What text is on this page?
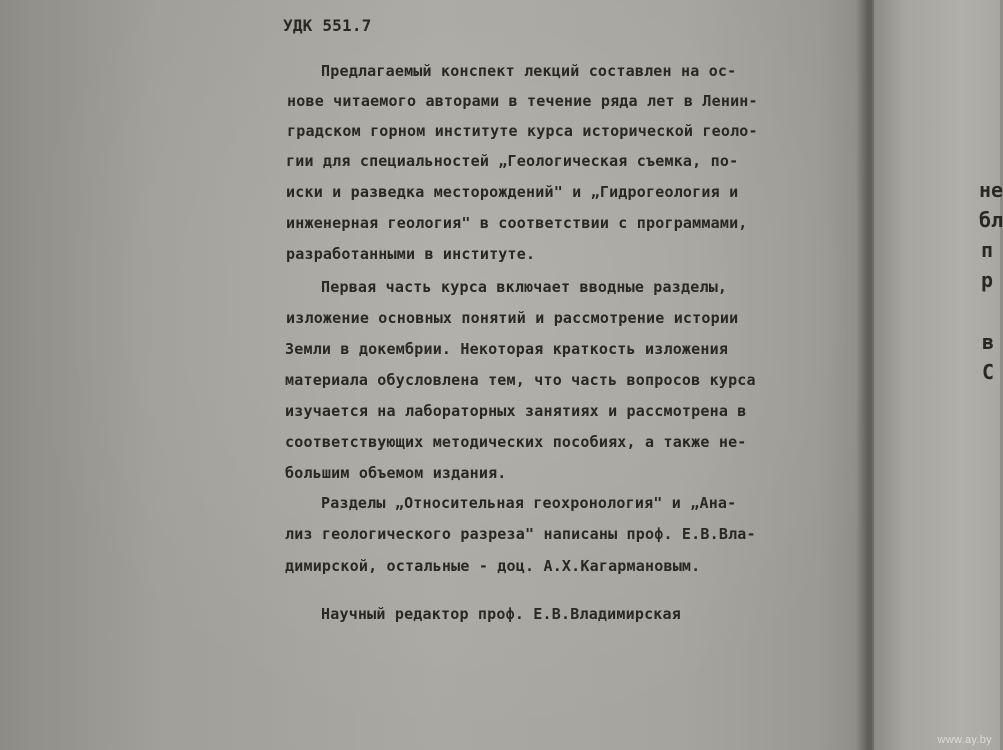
УДК 551.7
Предлагаемый конспект лекций составлен на ос-
нове читаемого авторами в течение ряда лет в Ленин-
градском горном институте курса исторической геоло-
гии для специальностей „Геологическая съемка, по-
иски и разведка месторождений" и „Гидрогеология и
инженерная геология" в соответствии с программами,
разработанными в институте.
Первая часть курса включает вводные разделы,
изложение основных понятий и рассмотрение истории
Земли в докембрии. Некоторая краткость изложения
материала обусловлена тем, что часть вопросов курса
изучается на лабораторных занятиях и рассмотрена в
соответствующих методических пособиях, а также не-
большим объемом издания.
Разделы „Относительная геохронология" и „Ана-
лиз геологического разреза" написаны проф. Е.В.Вла-
димирской, остальные - доц. А.Х.Кагармановым.
Научный редактор проф. Е.В.Владимирская
не
бл
п
р
в
С
www.ay.by
